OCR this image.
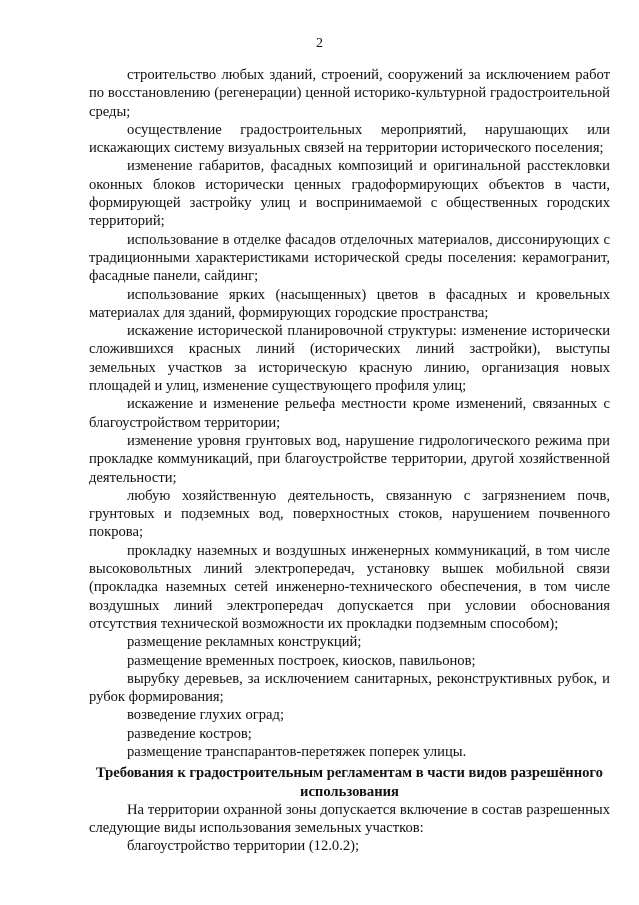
2

строительство любых зданий, строений, сооружений за исключением работ по восстановлению (регенерации) ценной историко-культурной градостроительной среды;

осуществление градостроительных мероприятий, нарушающих или искажающих систему визуальных связей на территории исторического поселения;

изменение габаритов, фасадных композиций и оригинальной расстекловки оконных блоков исторически ценных градоформирующих объектов в части, формирующей застройку улиц и воспринимаемой с общественных городских территорий;

использование в отделке фасадов отделочных материалов, диссонирующих с традиционными характеристиками исторической среды поселения: керамогранит, фасадные панели, сайдинг;

использование ярких (насыщенных) цветов в фасадных и кровельных материалах для зданий, формирующих городские пространства;

искажение исторической планировочной структуры: изменение исторически сложившихся красных линий (исторических линий застройки), выступы земельных участков за историческую красную линию, организация новых площадей и улиц, изменение существующего профиля улиц;

искажение и изменение рельефа местности кроме изменений, связанных с благоустройством территории;

изменение уровня грунтовых вод, нарушение гидрологического режима при прокладке коммуникаций, при благоустройстве территории, другой хозяйственной деятельности;

любую хозяйственную деятельность, связанную с загрязнением почв, грунтовых и подземных вод, поверхностных стоков, нарушением почвенного покрова;

прокладку наземных и воздушных инженерных коммуникаций, в том числе высоковольтных линий электропередач, установку вышек мобильной связи (прокладка наземных сетей инженерно-технического обеспечения, в том числе воздушных линий электропередач допускается при условии обоснования отсутствия технической возможности их прокладки подземным способом);

размещение рекламных конструкций;

размещение временных построек, киосков, павильонов;

вырубку деревьев, за исключением санитарных, реконструктивных рубок, и рубок формирования;

возведение глухих оград;

разведение костров;

размещение транспарантов-перетяжек поперек улицы.

Требования к градостроительным регламентам в части видов разрешённого использования

На территории охранной зоны допускается включение в состав разрешенных следующие виды использования земельных участков:

благоустройство территории (12.0.2);
